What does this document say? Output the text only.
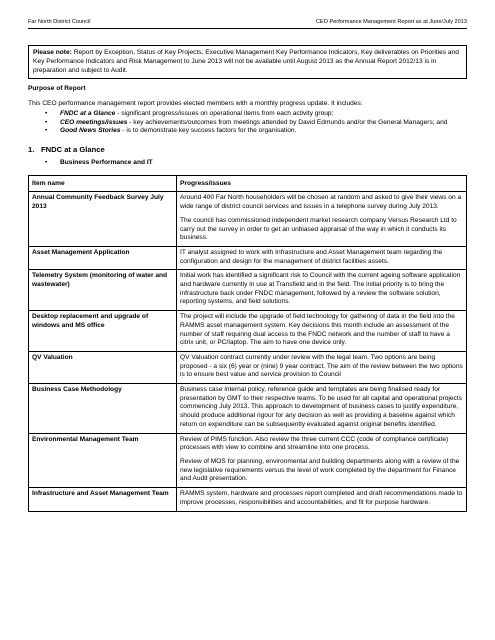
Far North District Council	CEO Performance Management Report as at June/July 2013
Please note: Report by Exception, Status of Key Projects, Executive Management Key Performance Indicators, Key deliverables on Priorities and Key Performance Indicators and Risk Management to June 2013 will not be available until August 2013 as the Annual Report 2012/13 is in preparation and subject to Audit.
Purpose of Report
This CEO performance management report provides elected members with a monthly progress update. It includes:
• FNDC at a Glance - significant progress/issues on operational items from each activity group;
• CEO meetings/issues - key achievements/outcomes from meetings attended by David Edmunds and/or the General Managers; and
• Good News Stories - is to demonstrate key success factors for the organisation.
1. FNDC at a Glance
•	Business Performance and IT
Item name	Progress/issues
Annual Community Feedback Survey July 2013	Around 400 Far North householders will be chosen at random and asked to give their views on a wide range of district council services and issues in a telephone survey during July 2013.

The council has commissioned independent market research company Versus Research Ltd to carry out the survey in order to get an unbiased appraisal of the way in which it conducts its business.

Asset Management Application	IT analyst assigned to work with Infrastructure and Asset Management team regarding the configuration and design for the management of district facilities assets.

Telemetry System (monitoring of water and wastewater)	Initial work has identified a significant risk to Council with the current ageing software application and hardware currently in use at Transfield and in the field. The initial priority is to bring the infrastructure back under FNDC management, followed by a review the software solution, reporting systems, and field solutions.

Desktop replacement and upgrade of windows and MS office	The project will include the upgrade of field technology for gathering of data in the field into the RAMMS asset management system. Key decisions this month include an assessment of the number of staff requiring dual access to the FNDC network and the number of staff to have a citrix unit, or PC/laptop. The aim to have one device only.

QV Valuation	QV Valuation contract currently under review with the legal team. Two options are being proposed - a six (6) year or (nine) 9 year contract. The aim of the review between the two options is to ensure best value and service provision to Council

Business Case Methodology	Business case internal policy, reference guide and templates are being finalised ready for presentation by GMT to their respective teams. To be used for all capital and operational projects commencing July 2013. This approach to development of business cases to justify expenditure, should produce additional rigour for any decision as well as providing a baseline against which return on expenditure can be subsequently evaluated against original benefits identified.

Environmental Management Team	Review of PIMS function. Also review the three current CCC (code of compliance certificate) processes with view to combine and streamline into one process.

Review of MOS for planning, environmental and building departments along with a review of the new legislative requirements versus the level of work completed by the department for Finance and Audit presentation.

Infrastructure and Asset Management Team	RAMMS system, hardware and processes report completed and draft recommendations made to improve processes, responsibilities and accountabilities, and fit for purpose hardware.
